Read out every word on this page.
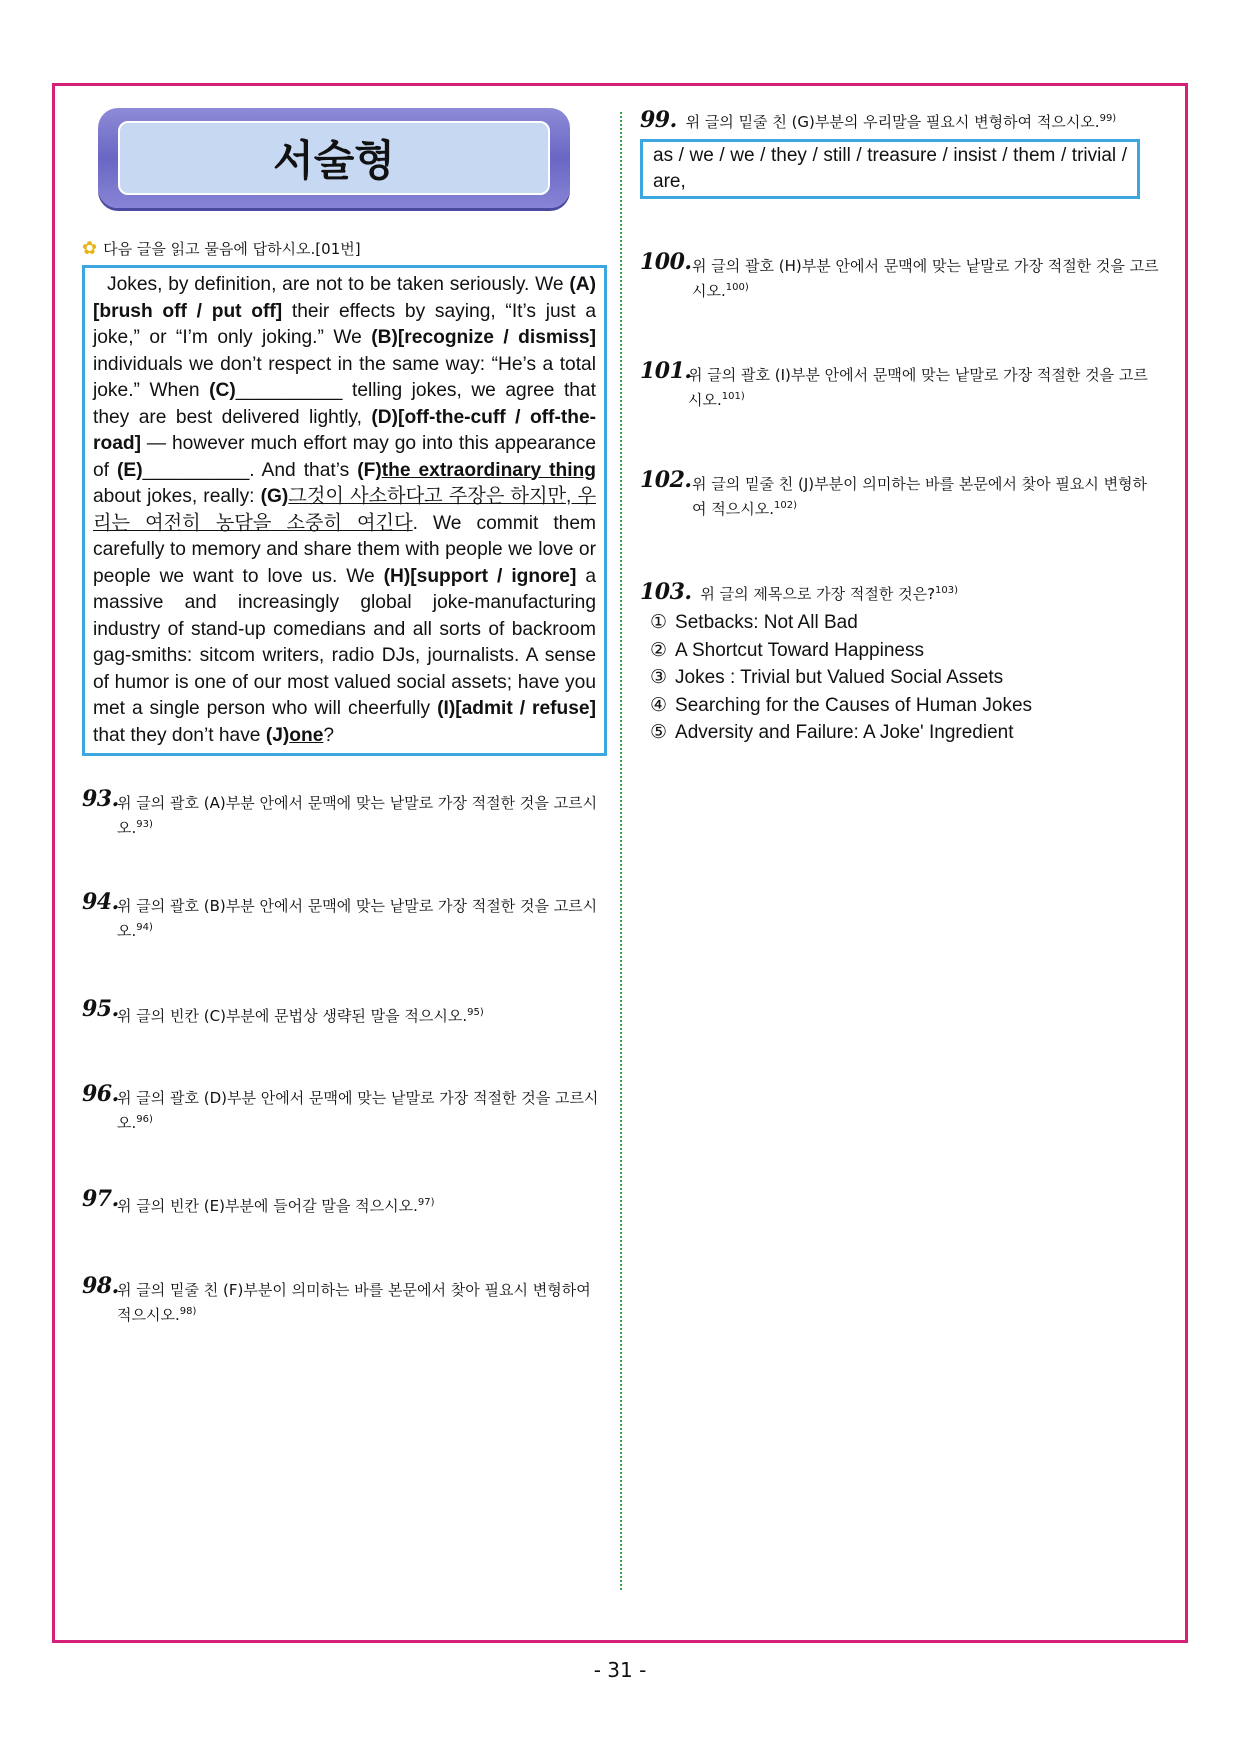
서술형
✿ 다음 글을 읽고 물음에 답하시오.[01번]
Jokes, by definition, are not to be taken seriously. We (A)[brush off / put off] their effects by saying, “It’s just a joke,” or “I’m only joking.” We (B)[recognize / dismiss] individuals we don’t respect in the same way: “He’s a total joke.” When (C)__________ telling jokes, we agree that they are best delivered lightly, (D)[off-the-cuff / off-the-road] — however much effort may go into this appearance of (E)__________. And that’s (F)the extraordinary thing about jokes, really: (G)그것이 사소하다고 주장은 하지만, 우리는 여전히 농담을 소중히 여긴다. We commit them carefully to memory and share them with people we love or people we want to love us. We (H)[support / ignore] a massive and increasingly global joke-manufacturing industry of stand-up comedians and all sorts of backroom gag-smiths: sitcom writers, radio DJs, journalists. A sense of humor is one of our most valued social assets; have you met a single person who will cheerfully (I)[admit / refuse] that they don’t have (J)one?
93.
위 글의 괄호 (A)부분 안에서 문맥에 맞는 낱말로 가장 적절한 것을 고르시오.$^{93)}$
94.
위 글의 괄호 (B)부분 안에서 문맥에 맞는 낱말로 가장 적절한 것을 고르시오.$^{94)}$
95.
위 글의 빈칸 (C)부분에 문법상 생략된 말을 적으시오.$^{95)}$
96.
위 글의 괄호 (D)부분 안에서 문맥에 맞는 낱말로 가장 적절한 것을 고르시오.$^{96)}$
97.
위 글의 빈칸 (E)부분에 들어갈 말을 적으시오.$^{97)}$
98.
위 글의 밑줄 친 (F)부분이 의미하는 바를 본문에서 찾아 필요시 변형하여 적으시오.$^{98)}$
99. 위 글의 밑줄 친 (G)부분의 우리말을 필요시 변형하여 적으시오.$^{99)}$
as / we / we / they / still / treasure / insist / them / trivial / are,
100. 위 글의 괄호 (H)부분 안에서 문맥에 맞는 낱말로 가장 적절한 것을 고르시오.$^{100)}$
101.
위 글의 괄호 (I)부분 안에서 문맥에 맞는 낱말로 가장 적절한 것을 고르시오.$^{101)}$
102. 위 글의 밑줄 친 (J)부분이 의미하는 바를 본문에서 찾아 필요시 변형하여 적으시오.$^{102)}$
103. 위 글의 제목으로 가장 적절한 것은?$^{103)}$
① Setbacks: Not All Bad
② A Shortcut Toward Happiness
③ Jokes : Trivial but Valued Social Assets
④ Searching for the Causes of Human Jokes
⑤ Adversity and Failure: A Joke' Ingredient
- 31 -
